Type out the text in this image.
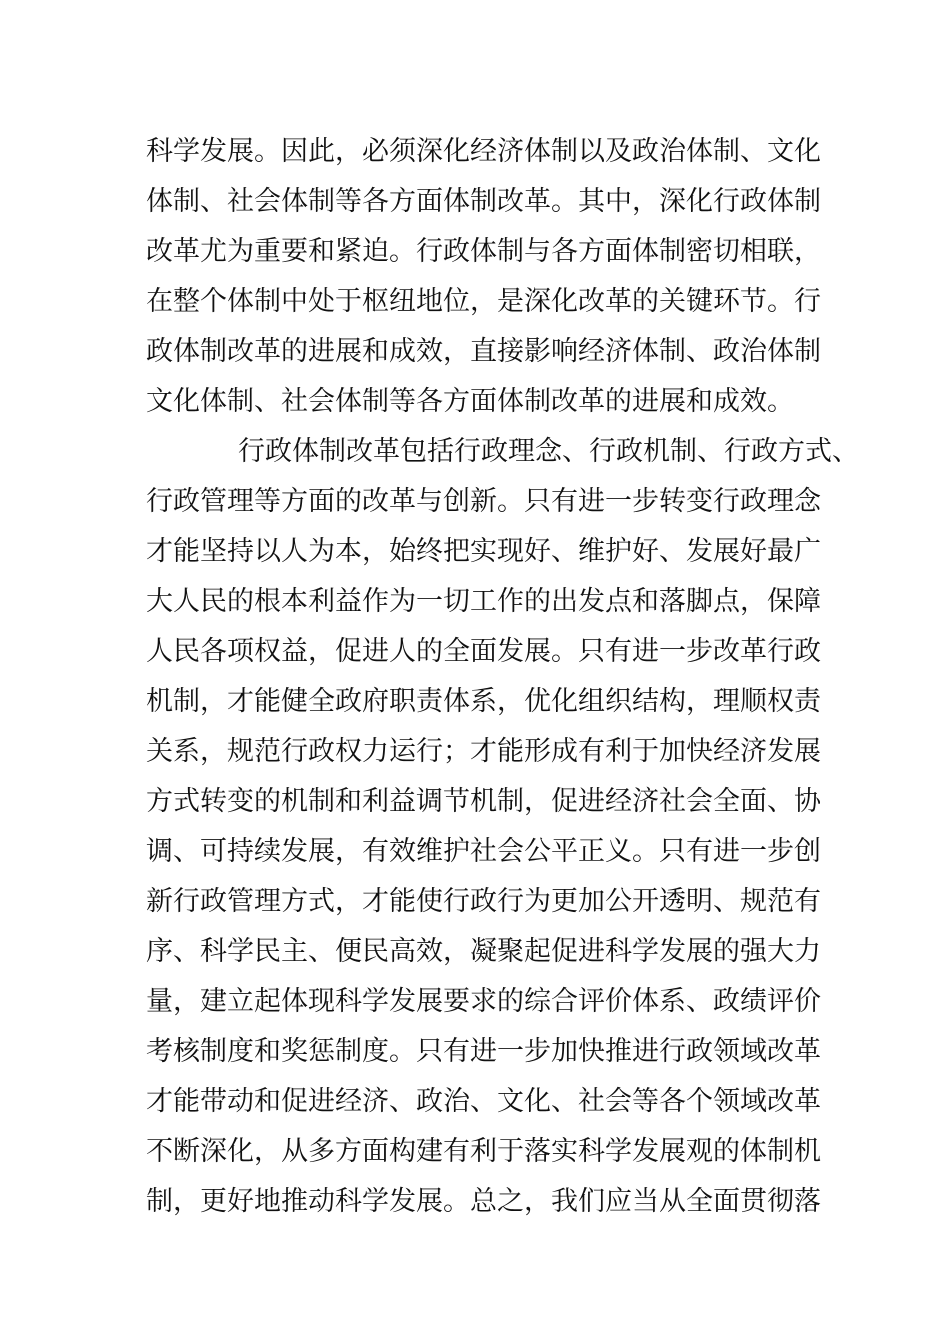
科学发展。因此，必须深化经济体制以及政治体制、文化
体制、社会体制等各方面体制改革。其中，深化行政体制
改革尤为重要和紧迫。行政体制与各方面体制密切相联，
在整个体制中处于枢纽地位，是深化改革的关键环节。行
政体制改革的进展和成效，直接影响经济体制、政治体制
文化体制、社会体制等各方面体制改革的进展和成效。
行政体制改革包括行政理念、行政机制、行政方式、
行政管理等方面的改革与创新。只有进一步转变行政理念
才能坚持以人为本，始终把实现好、维护好、发展好最广
大人民的根本利益作为一切工作的出发点和落脚点，保障
人民各项权益，促进人的全面发展。只有进一步改革行政
机制，才能健全政府职责体系，优化组织结构，理顺权责
关系，规范行政权力运行；才能形成有利于加快经济发展
方式转变的机制和利益调节机制，促进经济社会全面、协
调、可持续发展，有效维护社会公平正义。只有进一步创
新行政管理方式，才能使行政行为更加公开透明、规范有
序、科学民主、便民高效，凝聚起促进科学发展的强大力
量，建立起体现科学发展要求的综合评价体系、政绩评价
考核制度和奖惩制度。只有进一步加快推进行政领域改革
才能带动和促进经济、政治、文化、社会等各个领域改革
不断深化，从多方面构建有利于落实科学发展观的体制机
制，更好地推动科学发展。总之，我们应当从全面贯彻落
